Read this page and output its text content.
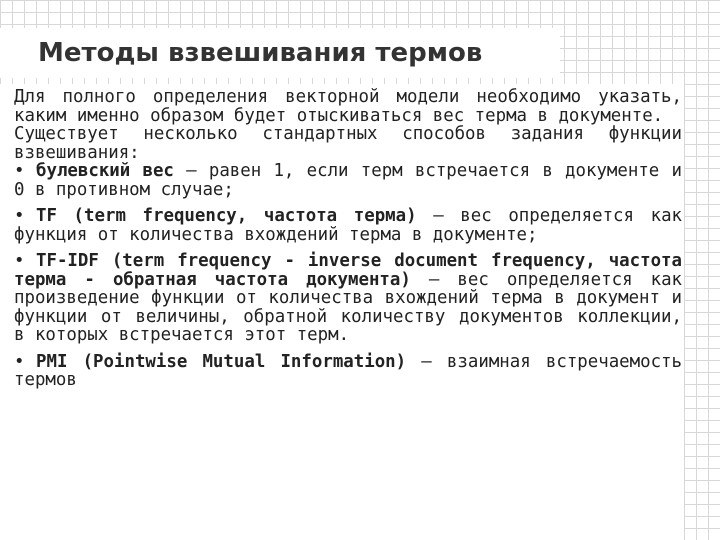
Методы взвешивания термов

Для полного определения векторной модели необходимо указать, каким именно образом будет отыскиваться вес терма в документе.

Существует несколько стандартных способов задания функции взвешивания:

• булевский вес — равен 1, если терм встречается в документе и 0 в противном случае;

• TF (term frequency, частота терма) — вес определяется как функция от количества вхождений терма в документе;

• TF-IDF (term frequency - inverse document frequency, частота терма - обратная частота документа) — вес определяется как произведение функции от количества вхождений терма в документ и функции от величины, обратной количеству документов коллекции, в которых встречается этот терм.

• PMI (Pointwise Mutual Information) – взаимная встречаемость термов
